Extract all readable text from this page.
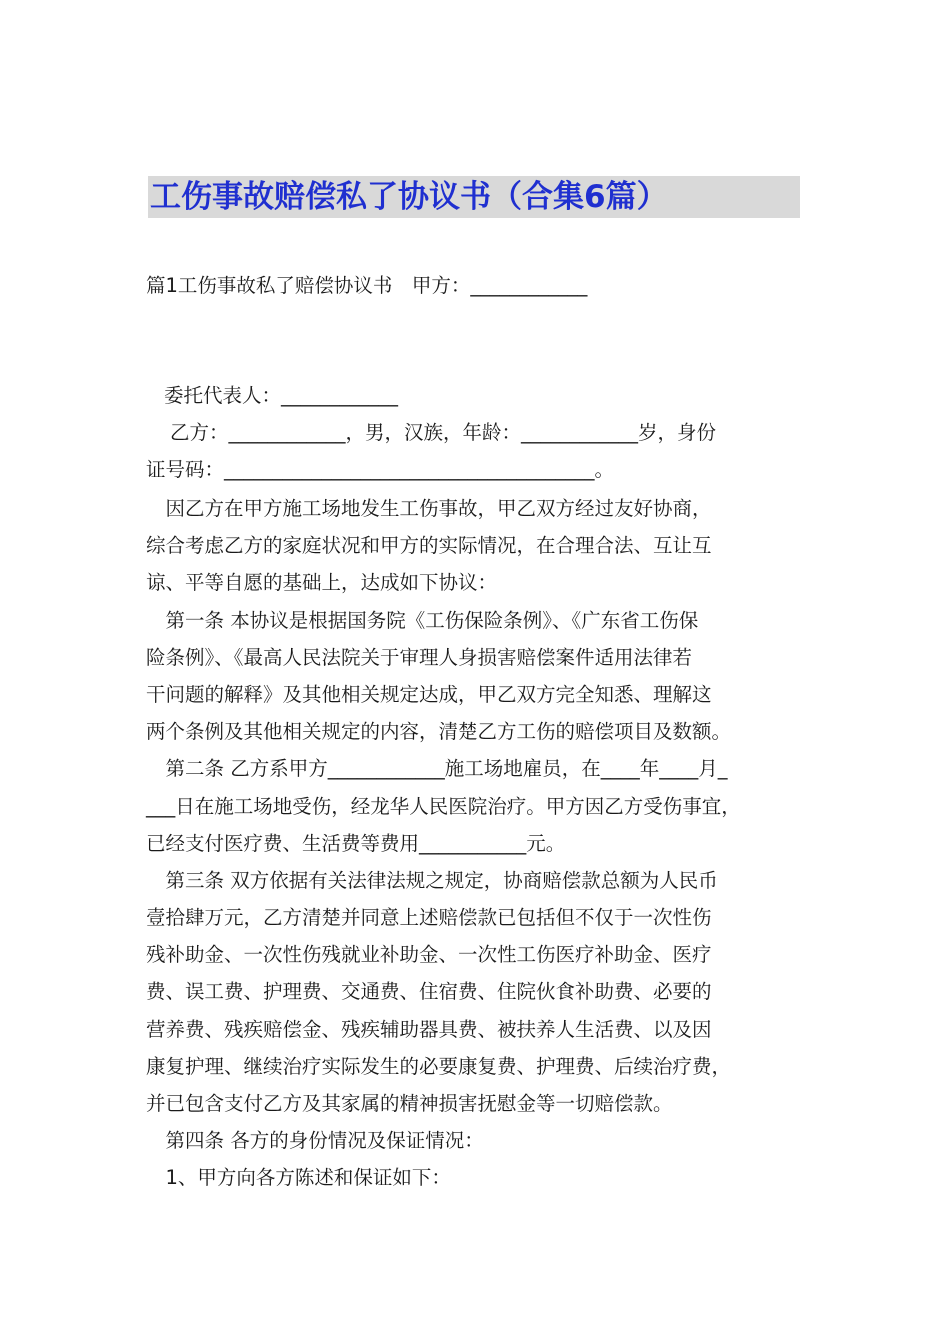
工伤事故赔偿私了协议书（合集6篇）

篇1工伤事故私了赔偿协议书　甲方：____________

委托代表人：____________

乙方：____________，男，汉族，年龄：____________岁，身份

证号码：______________________________________。

　因乙方在甲方施工场地发生工伤事故，甲乙双方经过友好协商，
综合考虑乙方的家庭状况和甲方的实际情况，在合理合法、互让互
谅、平等自愿的基础上，达成如下协议：
　第一条 本协议是根据国务院《工伤保险条例》、《广东省工伤保
险条例》、《最高人民法院关于审理人身损害赔偿案件适用法律若
干问题的解释》及其他相关规定达成，甲乙双方完全知悉、理解这
两个条例及其他相关规定的内容，清楚乙方工伤的赔偿项目及数额。
　第二条 乙方系甲方____________施工场地雇员，在____年____月_
___日在施工场地受伤，经龙华人民医院治疗。甲方因乙方受伤事宜，
已经支付医疗费、生活费等费用___________元。
　第三条 双方依据有关法律法规之规定，协商赔偿款总额为人民币
壹拾肆万元，乙方清楚并同意上述赔偿款已包括但不仅于一次性伤
残补助金、一次性伤残就业补助金、一次性工伤医疗补助金、医疗
费、误工费、护理费、交通费、住宿费、住院伙食补助费、必要的
营养费、残疾赔偿金、残疾辅助器具费、被扶养人生活费、以及因
康复护理、继续治疗实际发生的必要康复费、护理费、后续治疗费，
并已包含支付乙方及其家属的精神损害抚慰金等一切赔偿款。
　第四条 各方的身份情况及保证情况：
　1、甲方向各方陈述和保证如下：
